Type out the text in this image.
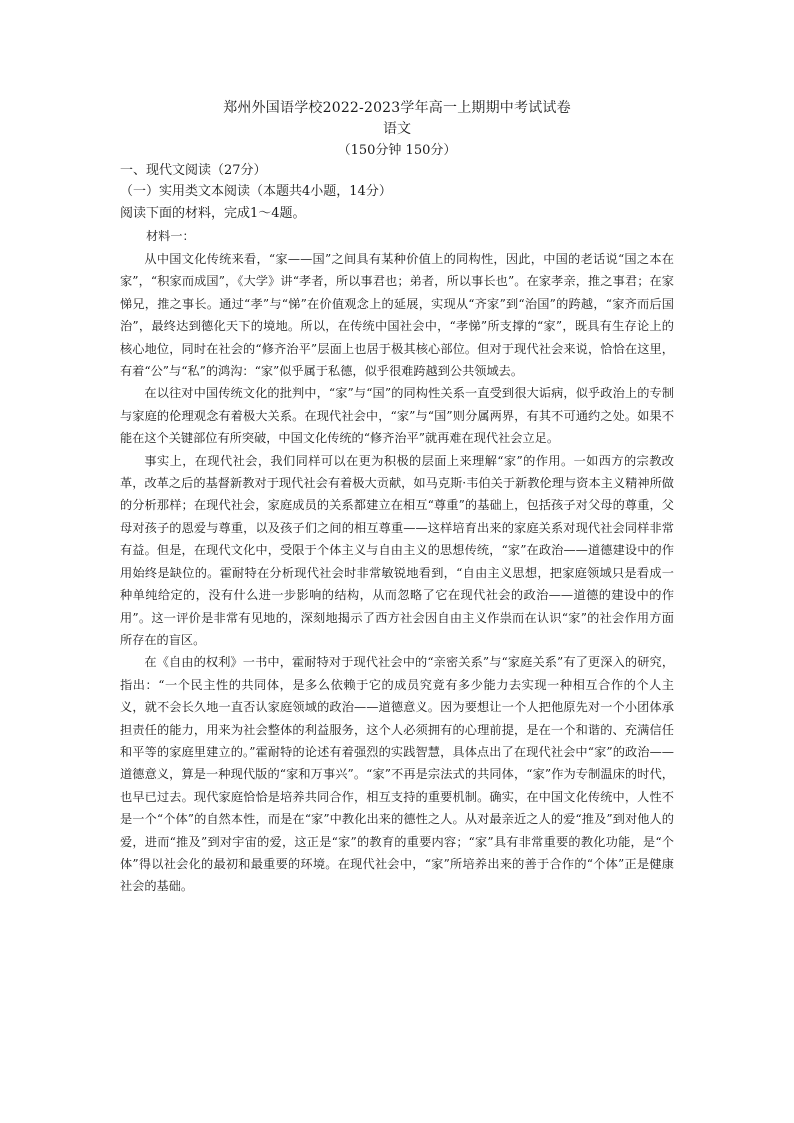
郑州外国语学校2022-2023学年高一上期期中考试试卷
语文
（150分钟 150分）
一、现代文阅读（27分）
（一）实用类文本阅读（本题共4小题，14分）
阅读下面的材料，完成1～4题。
材料一：

从中国文化传统来看，“家——国”之间具有某种价值上的同构性，因此，中国的老话说“国之本在家”，“积家而成国”，《大学》讲“孝者，所以事君也；弟者，所以事长也”。在家孝亲，推之事君；在家悌兄，推之事长。通过“孝”与“悌”在价值观念上的延展，实现从“齐家”到“治国”的跨越，“家齐而后国治”，最终达到德化天下的境地。所以，在传统中国社会中，“孝悌”所支撑的“家”，既具有生存论上的核心地位，同时在社会的“修齐治平”层面上也居于极其核心部位。但对于现代社会来说，恰恰在这里，有着“公”与“私”的鸿沟：“家”似乎属于私德，似乎很难跨越到公共领域去。

在以往对中国传统文化的批判中，“家”与“国”的同构性关系一直受到很大诟病，似乎政治上的专制与家庭的伦理观念有着极大关系。在现代社会中，“家”与“国”则分属两界，有其不可通约之处。如果不能在这个关键部位有所突破，中国文化传统的“修齐治平”就再难在现代社会立足。

事实上，在现代社会，我们同样可以在更为积极的层面上来理解“家”的作用。一如西方的宗教改革，改革之后的基督新教对于现代社会有着极大贡献，如马克斯·韦伯关于新教伦理与资本主义精神所做的分析那样；在现代社会，家庭成员的关系都建立在相互“尊重”的基础上，包括孩子对父母的尊重，父母对孩子的恩爱与尊重，以及孩子们之间的相互尊重——这样培育出来的家庭关系对现代社会同样非常有益。但是，在现代文化中，受限于个体主义与自由主义的思想传统，“家”在政治——道德建设中的作用始终是缺位的。霍耐特在分析现代社会时非常敏锐地看到，“自由主义思想，把家庭领域只是看成一种单纯给定的，没有什么进一步影响的结构，从而忽略了它在现代社会的政治——道德的建设中的作用”。这一评价是非常有见地的，深刻地揭示了西方社会因自由主义作祟而在认识“家”的社会作用方面所存在的盲区。

在《自由的权利》一书中，霍耐特对于现代社会中的“亲密关系”与“家庭关系”有了更深入的研究，指出：“一个民主性的共同体，是多么依赖于它的成员究竟有多少能力去实现一种相互合作的个人主义，就不会长久地一直否认家庭领域的政治——道德意义。因为要想让一个人把他原先对一个小团体承担责任的能力，用来为社会整体的利益服务，这个人必须拥有的心理前提，是在一个和谐的、充满信任和平等的家庭里建立的。”霍耐特的论述有着强烈的实践智慧，具体点出了在现代社会中“家”的政治——道德意义，算是一种现代版的“家和万事兴”。“家”不再是宗法式的共同体，“家”作为专制温床的时代，也早已过去。现代家庭恰恰是培养共同合作，相互支持的重要机制。确实，在中国文化传统中，人性不是一个“个体”的自然本性，而是在“家”中教化出来的德性之人。从对最亲近之人的爱“推及”到对他人的爱，进而“推及”到对宇宙的爱，这正是“家”的教育的重要内容；“家”具有非常重要的教化功能，是“个体”得以社会化的最初和最重要的环境。在现代社会中，“家”所培养出来的善于合作的“个体”正是健康社会的基础。
